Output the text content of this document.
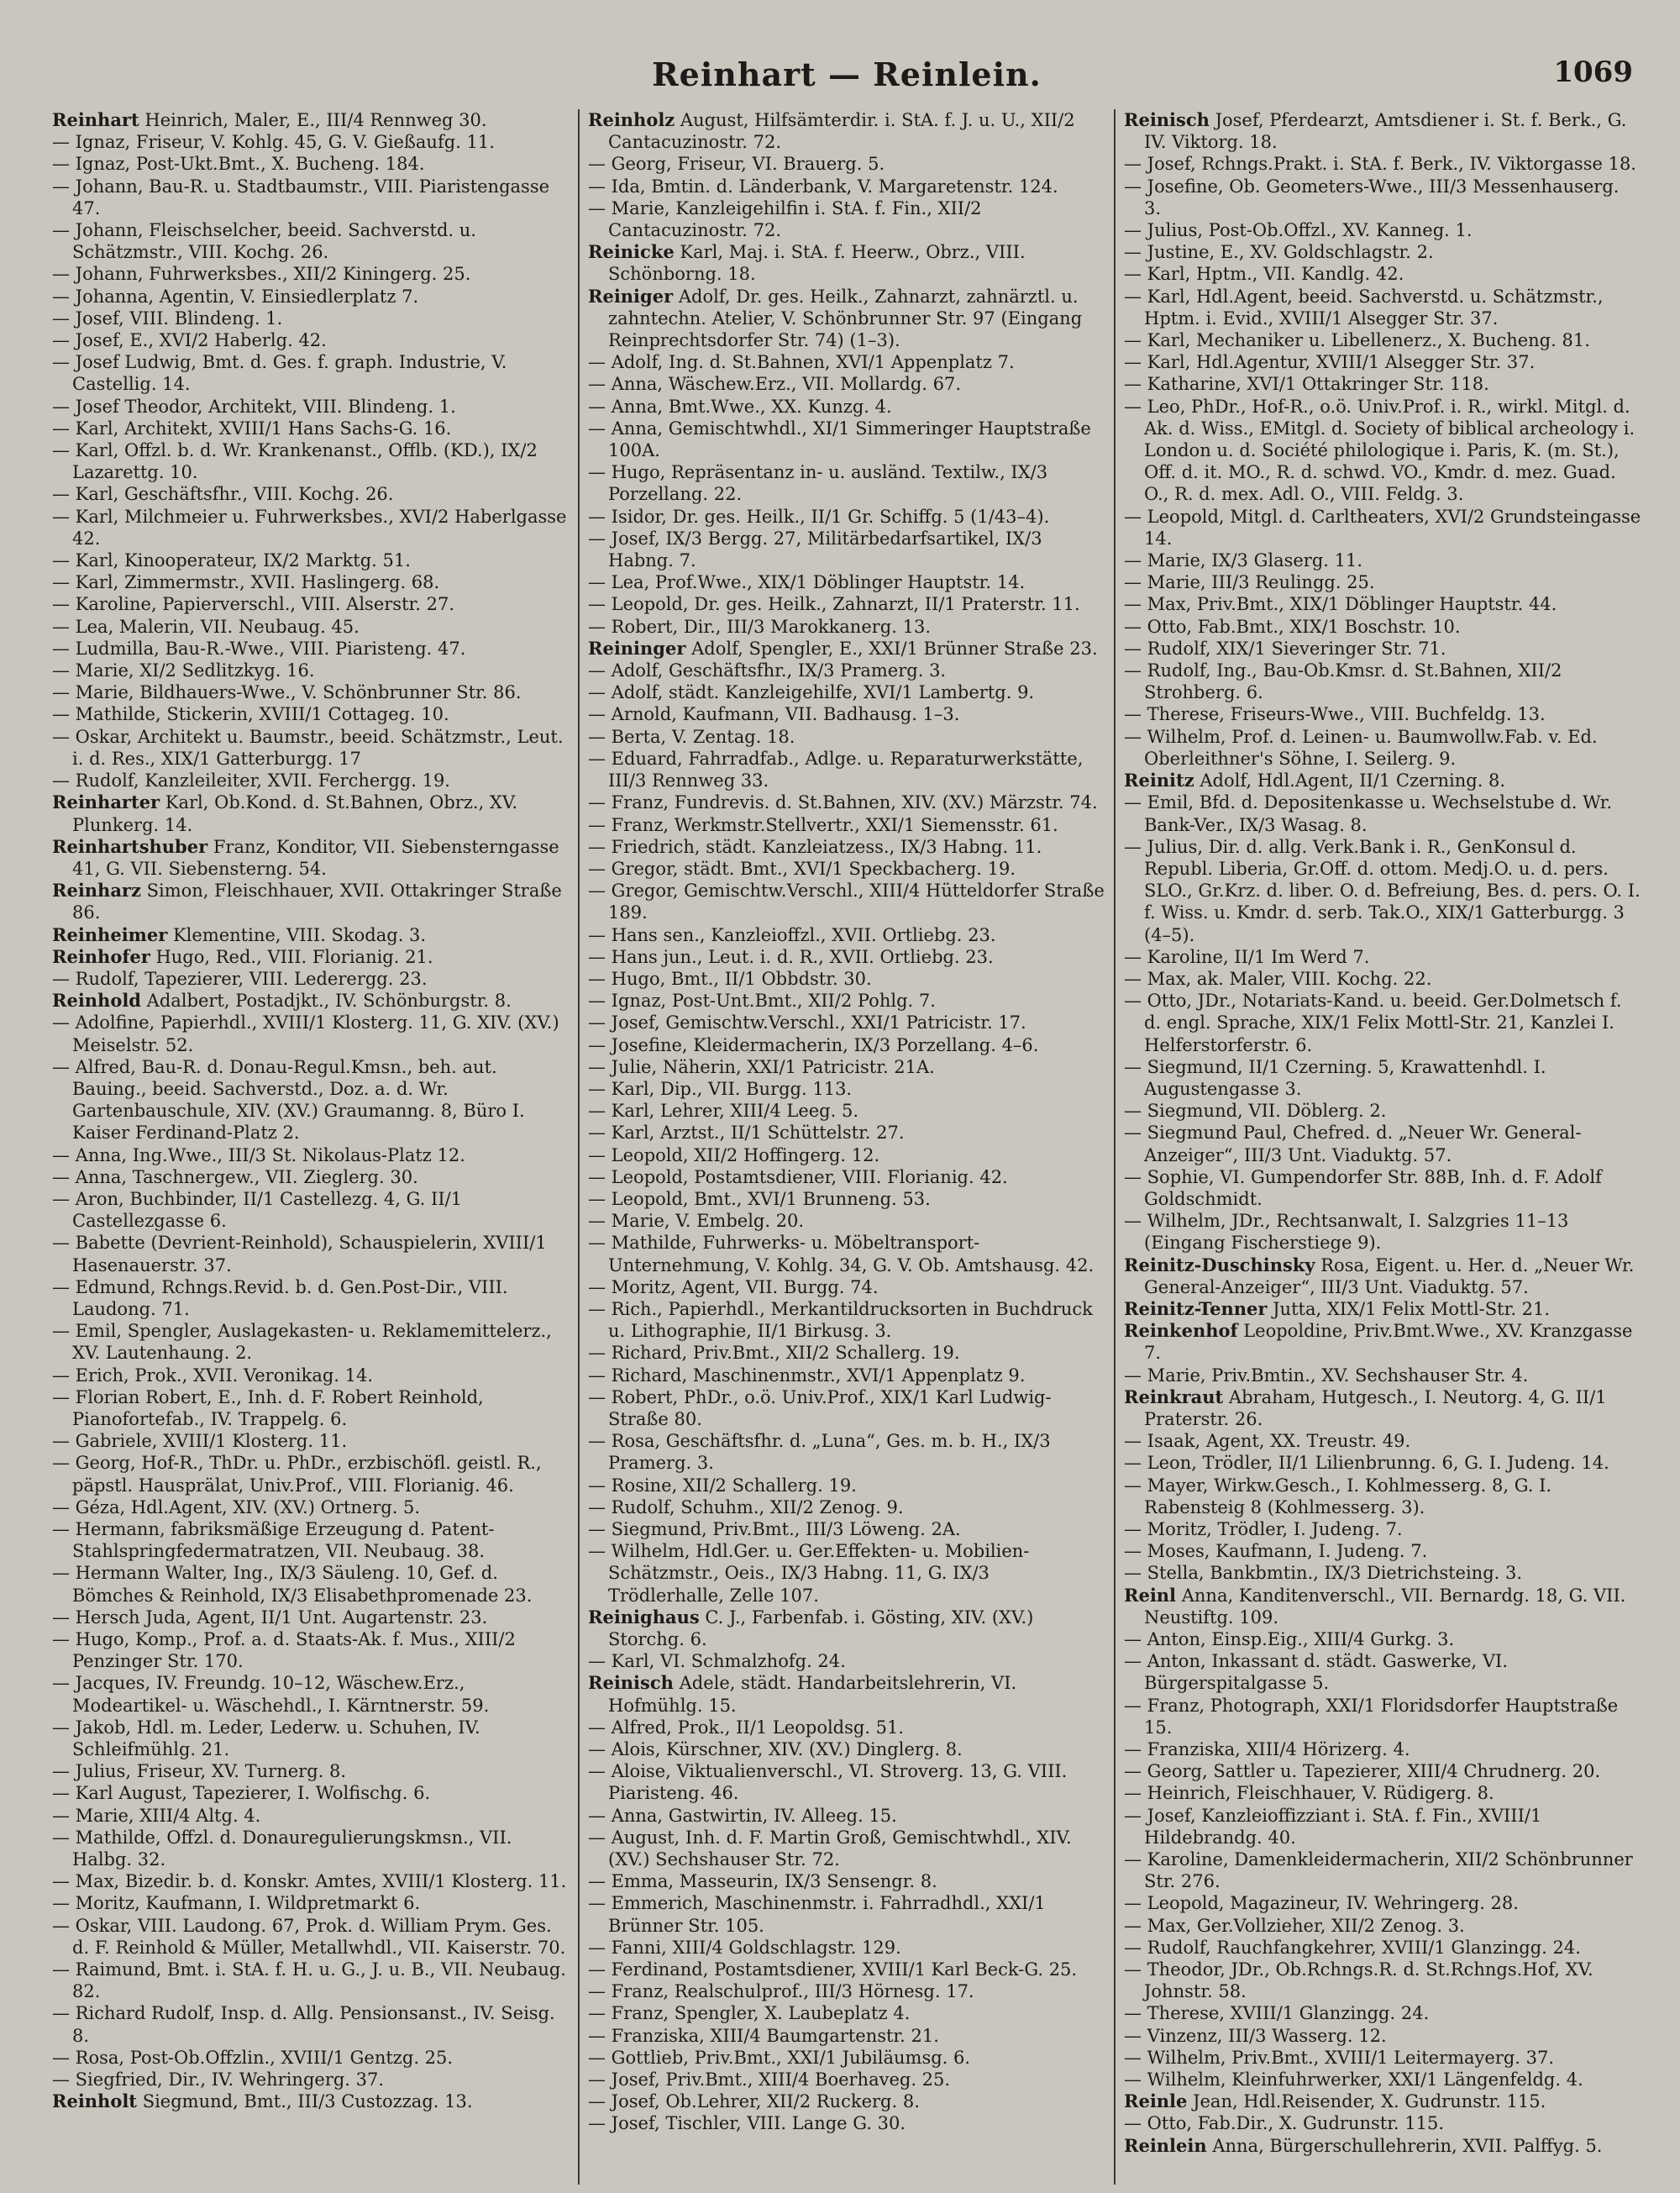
Reinhart — Reinlein.	1069

Reinhart Heinrich, Maler, E., III/4 Rennweg 30.

— Ignaz, Friseur, V. Kohlg. 45, G. V. Gießaufg. 11.

— Ignaz, Post-Ukt.Bmt., X. Bucheng. 184.

— Johann, Bau-R. u. Stadtbaumstr., VIII. Piaristengasse 47.

— Johann, Fleischselcher, beeid. Sachverstd. u. Schätzmstr., VIII. Kochg. 26.

— Johann, Fuhrwerksbes., XII/2 Kiningerg. 25.

— Johanna, Agentin, V. Einsiedlerplatz 7.

— Josef, VIII. Blindeng. 1.

— Josef, E., XVI/2 Haberlg. 42.

— Josef Ludwig, Bmt. d. Ges. f. graph. Industrie, V. Castellig. 14.

— Josef Theodor, Architekt, VIII. Blindeng. 1.

— Karl, Architekt, XVIII/1 Hans Sachs-G. 16.

— Karl, Offzl. b. d. Wr. Krankenanst., Offlb. (KD.), IX/2 Lazarettg. 10.

— Karl, Geschäftsfhr., VIII. Kochg. 26.

— Karl, Milchmeier u. Fuhrwerksbes., XVI/2 Haberlgasse 42.

— Karl, Kinooperateur, IX/2 Marktg. 51.

— Karl, Zimmermstr., XVII. Haslingerg. 68.

— Karoline, Papierverschl., VIII. Alserstr. 27.

— Lea, Malerin, VII. Neubaug. 45.

— Ludmilla, Bau-R.-Wwe., VIII. Piaristeng. 47.

— Marie, XI/2 Sedlitzkyg. 16.

— Marie, Bildhauers-Wwe., V. Schönbrunner Str. 86.

— Mathilde, Stickerin, XVIII/1 Cottageg. 10.

— Oskar, Architekt u. Baumstr., beeid. Schätzmstr., Leut. i. d. Res., XIX/1 Gatterburgg. 17

— Rudolf, Kanzleileiter, XVII. Ferchergg. 19.

Reinharter Karl, Ob.Kond. d. St.Bahnen, Obrz., XV. Plunkerg. 14.

Reinhartshuber Franz, Konditor, VII. Siebensterngasse 41, G. VII. Siebensterng. 54.

Reinharz Simon, Fleischhauer, XVII. Ottakringer Straße 86.

Reinheimer Klementine, VIII. Skodag. 3.

Reinhofer Hugo, Red., VIII. Florianig. 21.

— Rudolf, Tapezierer, VIII. Lederergg. 23.

Reinhold Adalbert, Postadjkt., IV. Schönburgstr. 8.

— Adolfine, Papierhdl., XVIII/1 Klosterg. 11, G. XIV. (XV.) Meiselstr. 52.

— Alfred, Bau-R. d. Donau-Regul.Kmsn., beh. aut. Bauing., beeid. Sachverstd., Doz. a. d. Wr. Gartenbauschule, XIV. (XV.) Graumanng. 8, Büro I. Kaiser Ferdinand-Platz 2.

— Anna, Ing.Wwe., III/3 St. Nikolaus-Platz 12.

— Anna, Taschnergew., VII. Zieglerg. 30.

— Aron, Buchbinder, II/1 Castellezg. 4, G. II/1 Castellezgasse 6.

— Babette (Devrient-Reinhold), Schauspielerin, XVIII/1 Hasenauerstr. 37.

— Edmund, Rchngs.Revid. b. d. Gen.Post-Dir., VIII. Laudong. 71.

— Emil, Spengler, Auslagekasten- u. Reklamemittelerz., XV. Lautenhaung. 2.

— Erich, Prok., XVII. Veronikag. 14.

— Florian Robert, E., Inh. d. F. Robert Reinhold, Pianofortefab., IV. Trappelg. 6.

— Gabriele, XVIII/1 Klosterg. 11.

— Georg, Hof-R., ThDr. u. PhDr., erzbischöfl. geistl. R., päpstl. Hausprälat, Univ.Prof., VIII. Florianig. 46.

— Géza, Hdl.Agent, XIV. (XV.) Ortnerg. 5.

— Hermann, fabriksmäßige Erzeugung d. Patent-Stahlspringfedermatratzen, VII. Neubaug. 38.

— Hermann Walter, Ing., IX/3 Säuleng. 10, Gef. d. Bömches & Reinhold, IX/3 Elisabethpromenade 23.

— Hersch Juda, Agent, II/1 Unt. Augartenstr. 23.

— Hugo, Komp., Prof. a. d. Staats-Ak. f. Mus., XIII/2 Penzinger Str. 170.

— Jacques, IV. Freundg. 10–12, Wäschew.Erz., Modeartikel- u. Wäschehdl., I. Kärntnerstr. 59.

— Jakob, Hdl. m. Leder, Lederw. u. Schuhen, IV. Schleifmühlg. 21.

— Julius, Friseur, XV. Turnerg. 8.

— Karl August, Tapezierer, I. Wolfischg. 6.

— Marie, XIII/4 Altg. 4.

— Mathilde, Offzl. d. Donauregulierungskmsn., VII. Halbg. 32.

— Max, Bizedir. b. d. Konskr. Amtes, XVIII/1 Klosterg. 11.

— Moritz, Kaufmann, I. Wildpretmarkt 6.

— Oskar, VIII. Laudong. 67, Prok. d. William Prym. Ges. d. F. Reinhold & Müller, Metallwhdl., VII. Kaiserstr. 70.

— Raimund, Bmt. i. StA. f. H. u. G., J. u. B., VII. Neubaug. 82.

— Richard Rudolf, Insp. d. Allg. Pensionsanst., IV. Seisg. 8.

— Rosa, Post-Ob.Offzlin., XVIII/1 Gentzg. 25.

— Siegfried, Dir., IV. Wehringerg. 37.

Reinholt Siegmund, Bmt., III/3 Custozzag. 13.

Reinholz August, Hilfsämterdir. i. StA. f. J. u. U., XII/2 Cantacuzinostr. 72.

— Georg, Friseur, VI. Brauerg. 5.

— Ida, Bmtin. d. Länderbank, V. Margaretenstr. 124.

— Marie, Kanzleigehilfin i. StA. f. Fin., XII/2 Cantacuzinostr. 72.

Reinicke Karl, Maj. i. StA. f. Heerw., Obrz., VIII. Schönborng. 18.

Reiniger Adolf, Dr. ges. Heilk., Zahnarzt, zahnärztl. u. zahntechn. Atelier, V. Schönbrunner Str. 97 (Eingang Reinprechtsdorfer Str. 74) (1–3).

— Adolf, Ing. d. St.Bahnen, XVI/1 Appenplatz 7.

— Anna, Wäschew.Erz., VII. Mollardg. 67.

— Anna, Bmt.Wwe., XX. Kunzg. 4.

— Anna, Gemischtwhdl., XI/1 Simmeringer Hauptstraße 100A.

— Hugo, Repräsentanz in- u. ausländ. Textilw., IX/3 Porzellang. 22.

— Isidor, Dr. ges. Heilk., II/1 Gr. Schiffg. 5 (1/43–4).

— Josef, IX/3 Bergg. 27, Militärbedarfsartikel, IX/3 Habng. 7.

— Lea, Prof.Wwe., XIX/1 Döblinger Hauptstr. 14.

— Leopold, Dr. ges. Heilk., Zahnarzt, II/1 Praterstr. 11.

— Robert, Dir., III/3 Marokkanerg. 13.

Reininger Adolf, Spengler, E., XXI/1 Brünner Straße 23.

— Adolf, Geschäftsfhr., IX/3 Pramerg. 3.

— Adolf, städt. Kanzleigehilfe, XVI/1 Lambertg. 9.

— Arnold, Kaufmann, VII. Badhausg. 1–3.

— Berta, V. Zentag. 18.

— Eduard, Fahrradfab., Adlge. u. Reparaturwerkstätte, III/3 Rennweg 33.

— Franz, Fundrevis. d. St.Bahnen, XIV. (XV.) Märzstr. 74.

— Franz, Werkmstr.Stellvertr., XXI/1 Siemensstr. 61.

— Friedrich, städt. Kanzleiatzess., IX/3 Habng. 11.

— Gregor, städt. Bmt., XVI/1 Speckbacherg. 19.

— Gregor, Gemischtw.Verschl., XIII/4 Hütteldorfer Straße 189.

— Hans sen., Kanzleioffzl., XVII. Ortliebg. 23.

— Hans jun., Leut. i. d. R., XVII. Ortliebg. 23.

— Hugo, Bmt., II/1 Obbdstr. 30.

— Ignaz, Post-Unt.Bmt., XII/2 Pohlg. 7.

— Josef, Gemischtw.Verschl., XXI/1 Patricistr. 17.

— Josefine, Kleidermacherin, IX/3 Porzellang. 4–6.

— Julie, Näherin, XXI/1 Patricistr. 21A.

— Karl, Dip., VII. Burgg. 113.

— Karl, Lehrer, XIII/4 Leeg. 5.

— Karl, Arztst., II/1 Schüttelstr. 27.

— Leopold, XII/2 Hoffingerg. 12.

— Leopold, Postamtsdiener, VIII. Florianig. 42.

— Leopold, Bmt., XVI/1 Brunneng. 53.

— Marie, V. Embelg. 20.

— Mathilde, Fuhrwerks- u. Möbeltransport-Unternehmung, V. Kohlg. 34, G. V. Ob. Amtshausg. 42.

— Moritz, Agent, VII. Burgg. 74.

— Rich., Papierhdl., Merkantildrucksorten in Buchdruck u. Lithographie, II/1 Birkusg. 3.

— Richard, Priv.Bmt., XII/2 Schallerg. 19.

— Richard, Maschinenmstr., XVI/1 Appenplatz 9.

— Robert, PhDr., o.ö. Univ.Prof., XIX/1 Karl Ludwig-Straße 80.

— Rosa, Geschäftsfhr. d. „Luna“, Ges. m. b. H., IX/3 Pramerg. 3.

— Rosine, XII/2 Schallerg. 19.

— Rudolf, Schuhm., XII/2 Zenog. 9.

— Siegmund, Priv.Bmt., III/3 Löweng. 2A.

— Wilhelm, Hdl.Ger. u. Ger.Effekten- u. Mobilien-Schätzmstr., Oeis., IX/3 Habng. 11, G. IX/3 Trödlerhalle, Zelle 107.

Reinighaus C. J., Farbenfab. i. Gösting, XIV. (XV.) Storchg. 6.

— Karl, VI. Schmalzhofg. 24.

Reinisch Adele, städt. Handarbeitslehrerin, VI. Hofmühlg. 15.

— Alfred, Prok., II/1 Leopoldsg. 51.

— Alois, Kürschner, XIV. (XV.) Dinglerg. 8.

— Aloise, Viktualienverschl., VI. Stroverg. 13, G. VIII. Piaristeng. 46.

— Anna, Gastwirtin, IV. Alleeg. 15.

— August, Inh. d. F. Martin Groß, Gemischtwhdl., XIV. (XV.) Sechshauser Str. 72.

— Emma, Masseurin, IX/3 Sensengr. 8.

— Emmerich, Maschinenmstr. i. Fahrradhdl., XXI/1 Brünner Str. 105.

— Fanni, XIII/4 Goldschlagstr. 129.

— Ferdinand, Postamtsdiener, XVIII/1 Karl Beck-G. 25.

— Franz, Realschulprof., III/3 Hörnesg. 17.

— Franz, Spengler, X. Laubeplatz 4.

— Franziska, XIII/4 Baumgartenstr. 21.

— Gottlieb, Priv.Bmt., XXI/1 Jubiläumsg. 6.

— Josef, Priv.Bmt., XIII/4 Boerhaveg. 25.

— Josef, Ob.Lehrer, XII/2 Ruckerg. 8.

— Josef, Tischler, VIII. Lange G. 30.

Reinisch Josef, Pferdearzt, Amtsdiener i. St. f. Berk., G. IV. Viktorg. 18.

— Josef, Rchngs.Prakt. i. StA. f. Berk., IV. Viktorgasse 18.

— Josefine, Ob. Geometers-Wwe., III/3 Messenhauserg. 3.

— Julius, Post-Ob.Offzl., XV. Kanneg. 1.

— Justine, E., XV. Goldschlagstr. 2.

— Karl, Hptm., VII. Kandlg. 42.

— Karl, Hdl.Agent, beeid. Sachverstd. u. Schätzmstr., Hptm. i. Evid., XVIII/1 Alsegger Str. 37.

— Karl, Mechaniker u. Libellenerz., X. Bucheng. 81.

— Karl, Hdl.Agentur, XVIII/1 Alsegger Str. 37.

— Katharine, XVI/1 Ottakringer Str. 118.

— Leo, PhDr., Hof-R., o.ö. Univ.Prof. i. R., wirkl. Mitgl. d. Ak. d. Wiss., EMitgl. d. Society of biblical archeology i. London u. d. Société philologique i. Paris, K. (m. St.), Off. d. it. MO., R. d. schwd. VO., Kmdr. d. mez. Guad. O., R. d. mex. Adl. O., VIII. Feldg. 3.

— Leopold, Mitgl. d. Carltheaters, XVI/2 Grundsteingasse 14.

— Marie, IX/3 Glaserg. 11.

— Marie, III/3 Reulingg. 25.

— Max, Priv.Bmt., XIX/1 Döblinger Hauptstr. 44.

— Otto, Fab.Bmt., XIX/1 Boschstr. 10.

— Rudolf, XIX/1 Sieveringer Str. 71.

— Rudolf, Ing., Bau-Ob.Kmsr. d. St.Bahnen, XII/2 Strohberg. 6.

— Therese, Friseurs-Wwe., VIII. Buchfeldg. 13.

— Wilhelm, Prof. d. Leinen- u. Baumwollw.Fab. v. Ed. Oberleithner's Söhne, I. Seilerg. 9.

Reinitz Adolf, Hdl.Agent, II/1 Czerning. 8.

— Emil, Bfd. d. Depositenkasse u. Wechselstube d. Wr. Bank-Ver., IX/3 Wasag. 8.

— Julius, Dir. d. allg. Verk.Bank i. R., GenKonsul d. Republ. Liberia, Gr.Off. d. ottom. Medj.O. u. d. pers. SLO., Gr.Krz. d. liber. O. d. Befreiung, Bes. d. pers. O. I. f. Wiss. u. Kmdr. d. serb. Tak.O., XIX/1 Gatterburgg. 3 (4–5).

— Karoline, II/1 Im Werd 7.

— Max, ak. Maler, VIII. Kochg. 22.

— Otto, JDr., Notariats-Kand. u. beeid. Ger.Dolmetsch f. d. engl. Sprache, XIX/1 Felix Mottl-Str. 21, Kanzlei I. Helferstorferstr. 6.

— Siegmund, II/1 Czerning. 5, Krawattenhdl. I. Augustengasse 3.

— Siegmund, VII. Döblerg. 2.

— Siegmund Paul, Chefred. d. „Neuer Wr. General-Anzeiger“, III/3 Unt. Viaduktg. 57.

— Sophie, VI. Gumpendorfer Str. 88B, Inh. d. F. Adolf Goldschmidt.

— Wilhelm, JDr., Rechtsanwalt, I. Salzgries 11–13 (Eingang Fischerstiege 9).

Reinitz-Duschinsky Rosa, Eigent. u. Her. d. „Neuer Wr. General-Anzeiger“, III/3 Unt. Viaduktg. 57.

Reinitz-Tenner Jutta, XIX/1 Felix Mottl-Str. 21.

Reinkenhof Leopoldine, Priv.Bmt.Wwe., XV. Kranzgasse 7.

— Marie, Priv.Bmtin., XV. Sechshauser Str. 4.

Reinkraut Abraham, Hutgesch., I. Neutorg. 4, G. II/1 Praterstr. 26.

— Isaak, Agent, XX. Treustr. 49.

— Leon, Trödler, II/1 Lilienbrunng. 6, G. I. Judeng. 14.

— Mayer, Wirkw.Gesch., I. Kohlmesserg. 8, G. I. Rabensteig 8 (Kohlmesserg. 3).

— Moritz, Trödler, I. Judeng. 7.

— Moses, Kaufmann, I. Judeng. 7.

— Stella, Bankbmtin., IX/3 Dietrichsteing. 3.

Reinl Anna, Kanditenverschl., VII. Bernardg. 18, G. VII. Neustiftg. 109.

— Anton, Einsp.Eig., XIII/4 Gurkg. 3.

— Anton, Inkassant d. städt. Gaswerke, VI. Bürgerspitalgasse 5.

— Franz, Photograph, XXI/1 Floridsdorfer Hauptstraße 15.

— Franziska, XIII/4 Hörizerg. 4.

— Georg, Sattler u. Tapezierer, XIII/4 Chrudnerg. 20.

— Heinrich, Fleischhauer, V. Rüdigerg. 8.

— Josef, Kanzleioffizziant i. StA. f. Fin., XVIII/1 Hildebrandg. 40.

— Karoline, Damenkleidermacherin, XII/2 Schönbrunner Str. 276.

— Leopold, Magazineur, IV. Wehringerg. 28.

— Max, Ger.Vollzieher, XII/2 Zenog. 3.

— Rudolf, Rauchfangkehrer, XVIII/1 Glanzingg. 24.

— Theodor, JDr., Ob.Rchngs.R. d. St.Rchngs.Hof, XV. Johnstr. 58.

— Therese, XVIII/1 Glanzingg. 24.

— Vinzenz, III/3 Wasserg. 12.

— Wilhelm, Priv.Bmt., XVIII/1 Leitermayerg. 37.

— Wilhelm, Kleinfuhrwerker, XXI/1 Längenfeldg. 4.

Reinle Jean, Hdl.Reisender, X. Gudrunstr. 115.

— Otto, Fab.Dir., X. Gudrunstr. 115.

Reinlein Anna, Bürgerschullehrerin, XVII. Palffyg. 5.
